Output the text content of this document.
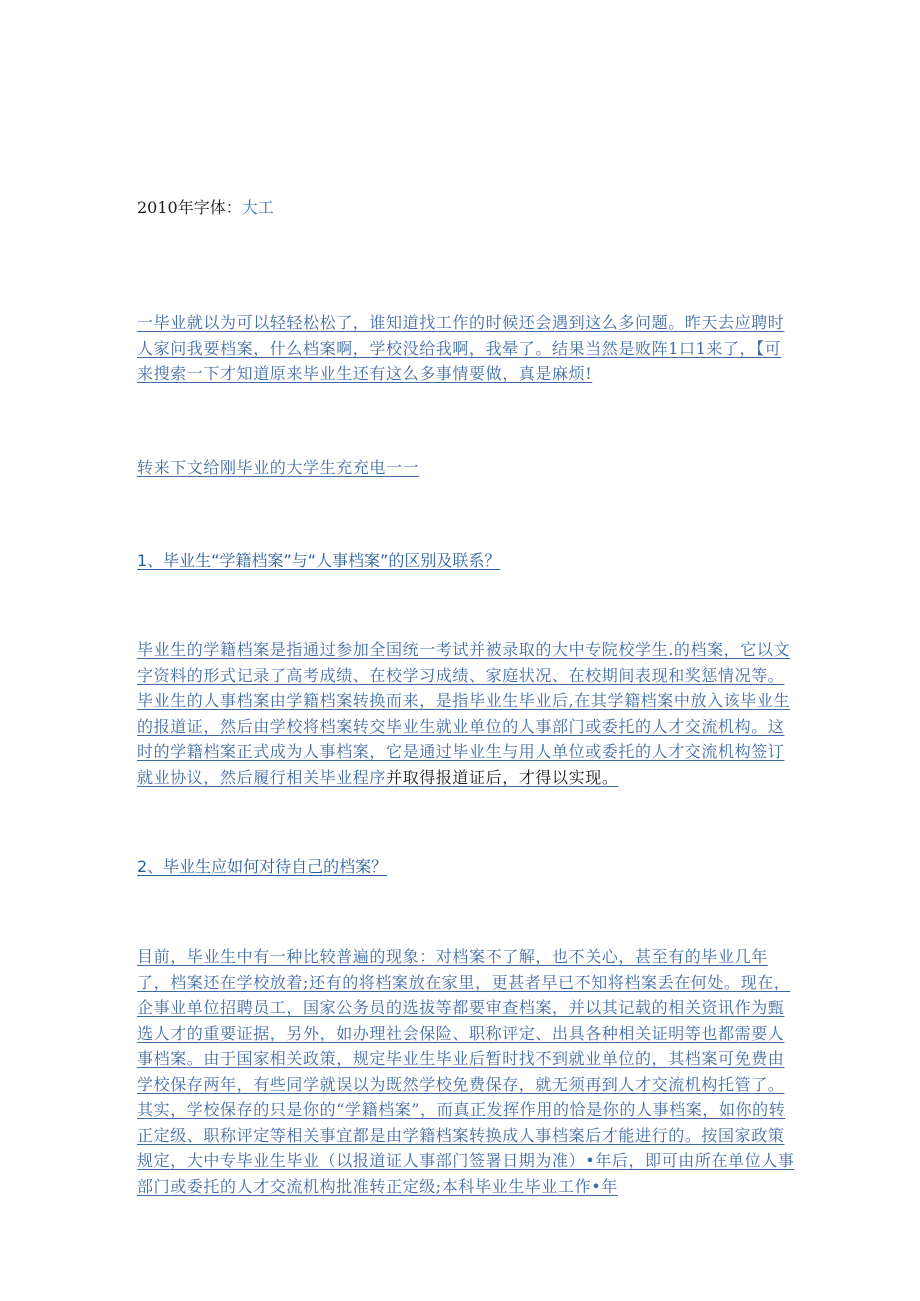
2010年字体：大工
一毕业就以为可以轻轻松松了，谁知道找工作的时候还会遇到这么多问题。昨天去应聘时人家问我要档案，什么档案啊，学校没给我啊，我晕了。结果当然是败阵1口1来了，【可来搜索一下才知道原来毕业生还有这么多事情要做，真是麻烦!
转来下文给刚毕业的大学生充充电一一
1、毕业生“学籍档案”与“人事档案”的区别及联系？
毕业生的学籍档案是指通过参加全国统一考试并被录取的大中专院校学生.的档案，它以文字资料的形式记录了高考成绩、在校学习成绩、家庭状况、在校期间表现和奖惩情况等。毕业生的人事档案由学籍档案转换而来，是指毕业生毕业后,在其学籍档案中放入该毕业生的报道证，然后由学校将档案转交毕业生就业单位的人事部门或委托的人才交流机构。这时的学籍档案正式成为人事档案，它是通过毕业生与用人单位或委托的人才交流机构签订就业协议，然后履行相关毕业程序并取得报道证后，才得以实现。
2、毕业生应如何对待自己的档案？
目前，毕业生中有一种比较普遍的现象：对档案不了解，也不关心，甚至有的毕业几年了，档案还在学校放着;还有的将档案放在家里，更甚者早已不知将档案丢在何处。现在，企事业单位招聘员工，国家公务员的选拔等都要审查档案，并以其记载的相关资讯作为甄选人才的重要证据，另外，如办理社会保险、职称评定、出具各种相关证明等也都需要人事档案。由于国家相关政策，规定毕业生毕业后暂时找不到就业单位的，其档案可免费由学校保存两年，有些同学就误以为既然学校免费保存，就无须再到人才交流机构托管了。其实，学校保存的只是你的“学籍档案”，而真正发挥作用的恰是你的人事档案，如你的转正定级、职称评定等相关事宜都是由学籍档案转换成人事档案后才能进行的。按国家政策规定，大中专毕业生毕业（以报道证人事部门签署日期为准）•年后，即可由所在单位人事部门或委托的人才交流机构批准转正定级;本科毕业生毕业工作•年
